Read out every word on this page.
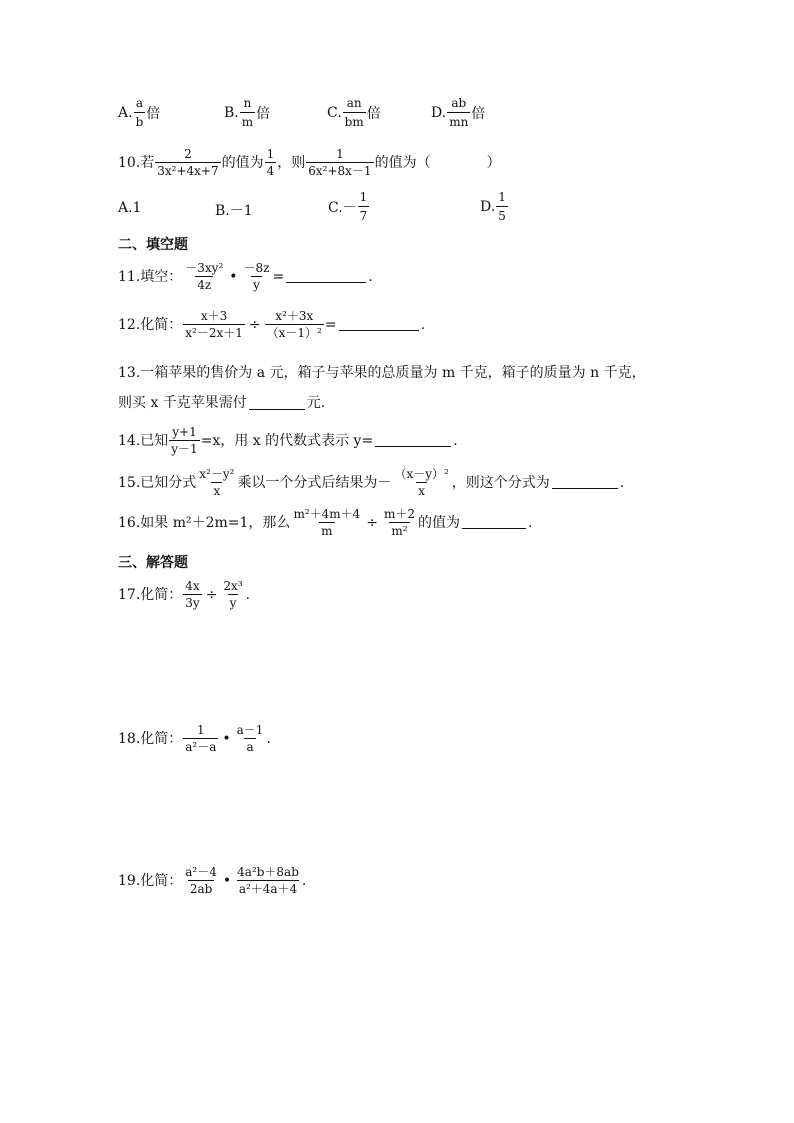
A. $\frac{a}{b}$ 倍	B. $\frac{n}{m}$ 倍	C. $\frac{an}{bm}$ 倍	D. $\frac{ab}{mn}$ 倍
10.若 $\frac{2}{\text{3x²+4x+7}}$ 的值为 $\frac{1}{4}$ ，则 $\frac{1}{\text{6x²+8x－1}}$ 的值为（　　　　）
A.1	B.－1	$C.- \frac{1}{7}$	D. $\frac{1}{5}$
二、填空题
11.填空： $\frac{\text{－3xy²}}{4z}$ • $\frac{-8z}{y}$ =	.
12.化简： $\frac{x+3}{\text{x²－2x＋1}} \div \frac{\text{x²＋3x}}{\text{（x－1）²}}$ =	.
13.一箱苹果的售价为 a 元，箱子与苹果的总质量为 m 千克，箱子的质量为 n 千克，
则买 x 千克苹果需付	元.
14.已知 $\frac{y+1}{y-1} =x$，用 x 的代数式表示 y=	.
15.已知分式 $\frac{\text{x²－y²}}{x}$ 乘以一个分式后结果为－ $\frac{\text{（x－y）²}}{x}$ ，则这个分式为	.
16.如果 m²＋2m=1，那么 $\frac{\text{m²＋4m＋4}}{m} \div \frac{m+2}{\text{m²}}$ 的值为	.
三、解答题
17.化简： $\frac{4x}{3y} \div \frac{\text{2x³}}{y}$ .
18.化简： $\frac{1}{\text{a²－a}}$ • $\frac{a-1}{a}$ .
19.化简： $\frac{\text{a²－4}}{2ab}$ • $\frac{\text{4a²b＋8ab}}{\text{a²＋4a＋4}}$ .
